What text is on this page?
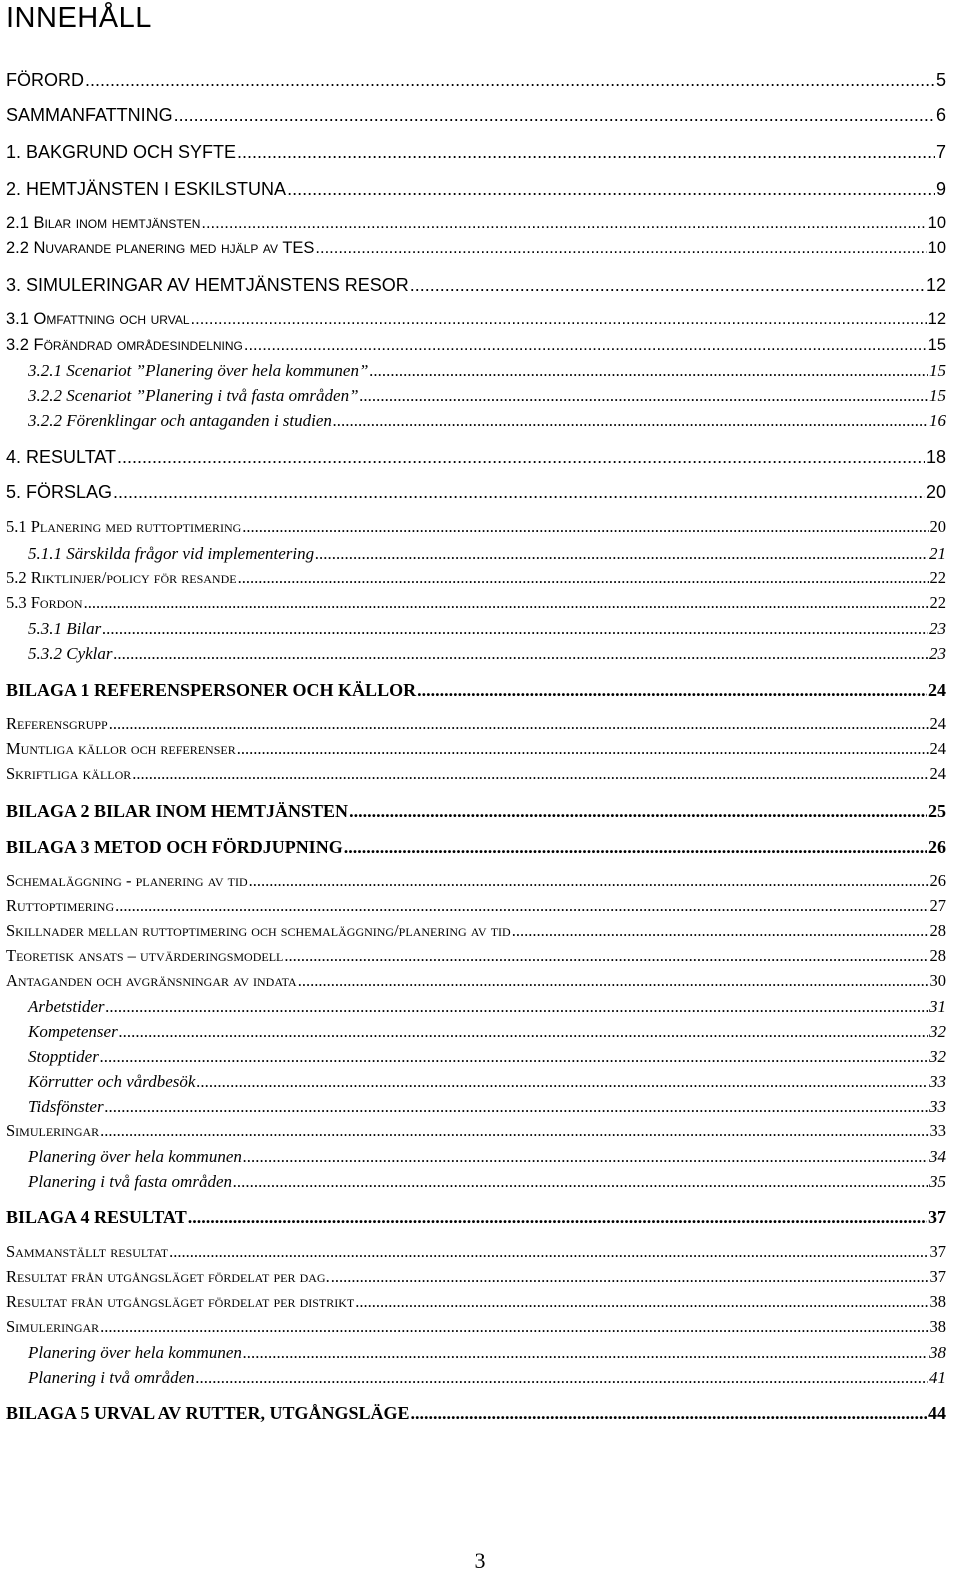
INNEHÅLL
FÖRORD .....	5
SAMMANFATTNING .....	6
1. BAKGRUND OCH SYFTE .....	7
2. HEMTJÄNSTEN I ESKILSTUNA .....	9
2.1 Bilar inom hemtjänsten .....	10
2.2 Nuvarande planering med hjälp av TES .....	10
3. SIMULERINGAR AV HEMTJÄNSTENS RESOR .....	12
3.1 Omfattning och urval .....	12
3.2 Förändrad områdesindelning .....	15
3.2.1 Scenariot ”Planering över hela kommunen” .....	15
3.2.2 Scenariot ”Planering i två fasta områden” .....	15
3.2.2 Förenklingar och antaganden i studien .....	16
4. RESULTAT .....	18
5. FÖRSLAG .....	20
5.1 Planering med ruttoptimering .....	20
5.1.1 Särskilda frågor vid implementering .....	21
5.2 Riktlinjer/policy för resande .....	22
5.3 Fordon .....	22
5.3.1 Bilar .....	23
5.3.2 Cyklar .....	23
BILAGA 1 REFERENSPERSONER OCH KÄLLOR .....	24
Referensgrupp .....	24
Muntliga källor och referenser .....	24
Skriftliga källor .....	24
BILAGA 2 BILAR INOM HEMTJÄNSTEN .....	25
BILAGA 3 METOD OCH FÖRDJUPNING .....	26
Schemaläggning - planering av tid .....	26
Ruttoptimering .....	27
Skillnader mellan ruttoptimering och schemaläggning/planering av tid .....	28
Teoretisk ansats – utvärderingsmodell .....	28
Antaganden och avgränsningar av indata .....	30
Arbetstider .....	31
Kompetenser .....	32
Stopptider .....	32
Körrutter och vårdbesök .....	33
Tidsfönster .....	33
Simuleringar .....	33
Planering över hela kommunen .....	34
Planering i två fasta områden .....	35
BILAGA 4 RESULTAT .....	37
Sammanställt resultat .....	37
Resultat från utgångsläget fördelat per dag. .....	37
Resultat från utgångsläget fördelat per distrikt .....	38
Simuleringar .....	38
Planering över hela kommunen .....	38
Planering i två områden .....	41
BILAGA 5 URVAL AV RUTTER, UTGÅNGSLÄGE .....	44
3
